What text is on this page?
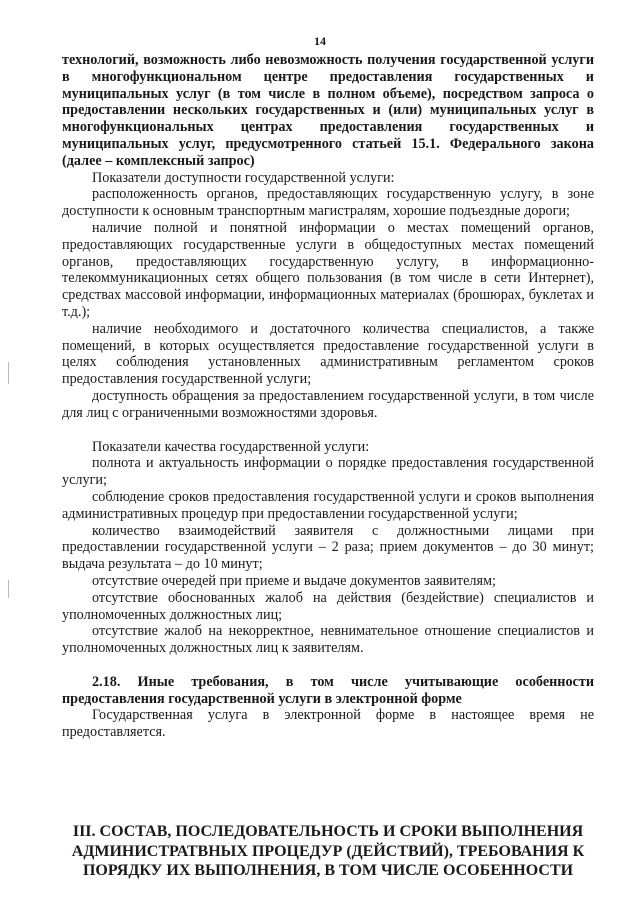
14

технологий, возможность либо невозможность получения государственной услуги в многофункциональном центре предоставления государственных и муниципальных услуг (в том числе в полном объеме), посредством запроса о предоставлении нескольких государственных и (или) муниципальных услуг в многофункциональных центрах предоставления государственных и муниципальных услуг, предусмотренного статьей 15.1. Федерального закона (далее – комплексный запрос)

Показатели доступности государственной услуги:

расположенность органов, предоставляющих государственную услугу, в зоне доступности к основным транспортным магистралям, хорошие подъездные дороги;

наличие полной и понятной информации о местах помещений органов, предоставляющих государственные услуги в общедоступных местах помещений органов, предоставляющих государственную услугу, в информационно-телекоммуникационных сетях общего пользования (в том числе в сети Интернет), средствах массовой информации, информационных материалах (брошюрах, буклетах и т.д.);

наличие необходимого и достаточного количества специалистов, а также помещений, в которых осуществляется предоставление государственной услуги в целях соблюдения установленных административным регламентом сроков предоставления государственной услуги;

доступность обращения за предоставлением государственной услуги, в том числе для лиц с ограниченными возможностями здоровья.

Показатели качества государственной услуги:

полнота и актуальность информации о порядке предоставления государственной услуги;

соблюдение сроков предоставления государственной услуги и сроков выполнения административных процедур при предоставлении государственной услуги;

количество взаимодействий заявителя с должностными лицами при предоставлении государственной услуги – 2 раза; прием документов – до 30 минут; выдача результата – до 10 минут;

отсутствие очередей при приеме и выдаче документов заявителям;

отсутствие обоснованных жалоб на действия (бездействие) специалистов и уполномоченных должностных лиц;

отсутствие жалоб на некорректное, невнимательное отношение специалистов и уполномоченных должностных лиц к заявителям.

2.18. Иные требования, в том числе учитывающие особенности предоставления государственной услуги в электронной форме

Государственная услуга в электронной форме в настоящее время не предоставляется.

III. СОСТАВ, ПОСЛЕДОВАТЕЛЬНОСТЬ И СРОКИ ВЫПОЛНЕНИЯ АДМИНИСТРАТВНЫХ ПРОЦЕДУР (ДЕЙСТВИЙ), ТРЕБОВАНИЯ К ПОРЯДКУ ИХ ВЫПОЛНЕНИЯ, В ТОМ ЧИСЛЕ ОСОБЕННОСТИ
